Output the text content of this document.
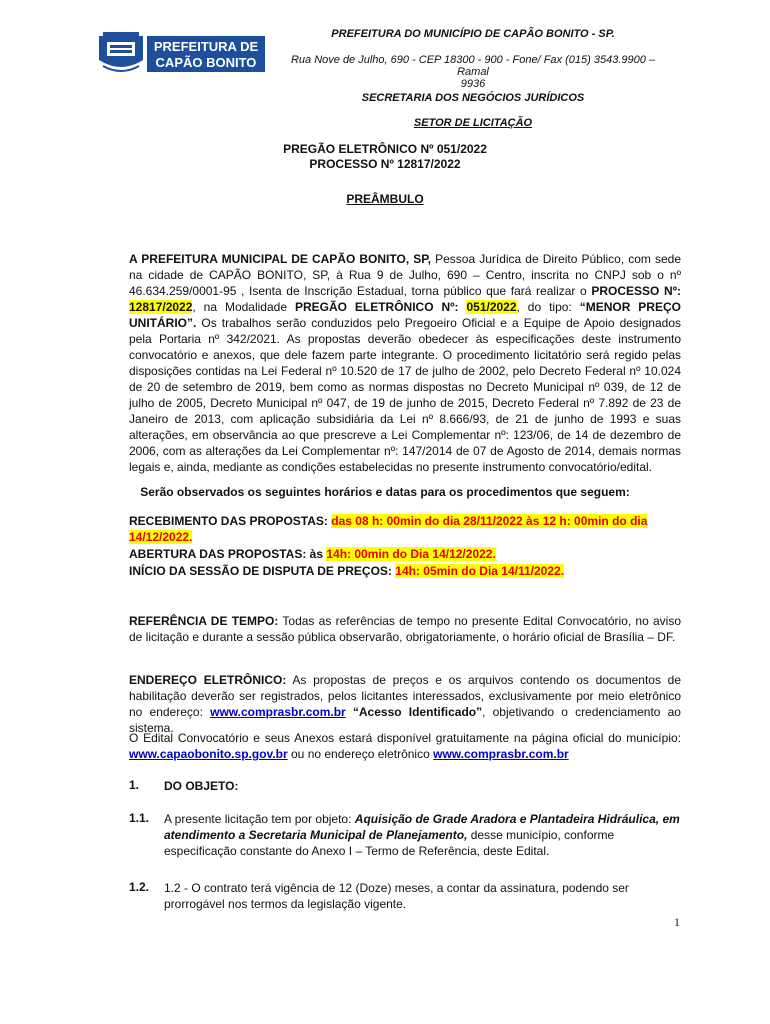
PREFEITURA DE
CAPÃO BONITO
PREFEITURA DO MUNICÍPIO DE CAPÃO BONITO - SP.
Rua Nove de Julho, 690 - CEP 18300 - 900 - Fone/ Fax (015) 3543.9900 – Ramal
9936
SECRETARIA DOS NEGÓCIOS JURÍDICOS
SETOR DE LICITAÇÃO
PREGÃO ELETRÔNICO Nº 051/2022
PROCESSO Nº 12817/2022
PREÂMBULO
A PREFEITURA MUNICIPAL DE CAPÃO BONITO, SP, Pessoa Jurídica de Direito Público, com sede na cidade de CAPÃO BONITO, SP, à Rua 9 de Julho, 690 – Centro, inscrita no CNPJ sob o nº 46.634.259/0001-95 , Isenta de Inscrição Estadual, torna público que fará realizar o PROCESSO Nº: 12817/2022, na Modalidade PREGÃO ELETRÔNICO Nº: 051/2022, do tipo: “MENOR PREÇO UNITÁRIO”. Os trabalhos serão conduzidos pelo Pregoeiro Oficial e a Equipe de Apoio designados pela Portaria nº 342/2021. As propostas deverão obedecer às especificações deste instrumento convocatório e anexos, que dele fazem parte integrante. O procedimento licitatório será regido pelas disposições contidas na Lei Federal nº 10.520 de 17 de julho de 2002, pelo Decreto Federal nº 10.024 de 20 de setembro de 2019, bem como as normas dispostas no Decreto Municipal nº 039, de 12 de julho de 2005, Decreto Municipal nº 047, de 19 de junho de 2015, Decreto Federal nº 7.892 de 23 de Janeiro de 2013, com aplicação subsidiária da Lei nº 8.666/93, de 21 de junho de 1993 e suas alterações, em observância ao que prescreve a Lei Complementar nº: 123/06, de 14 de dezembro de 2006, com as alterações da Lei Complementar nº: 147/2014 de 07 de Agosto de 2014, demais normas legais e, ainda, mediante as condições estabelecidas no presente instrumento convocatório/edital.
Serão observados os seguintes horários e datas para os procedimentos que seguem:
RECEBIMENTO DAS PROPOSTAS: das 08 h: 00min do dia 28/11/2022 às 12 h: 00min do dia
14/12/2022.
ABERTURA DAS PROPOSTAS: às 14h: 00min do Dia 14/12/2022.
INÍCIO DA SESSÃO DE DISPUTA DE PREÇOS: 14h: 05min do Dia 14/11/2022.
REFERÊNCIA DE TEMPO: Todas as referências de tempo no presente Edital Convocatório, no aviso de licitação e durante a sessão pública observarão, obrigatoriamente, o horário oficial de Brasília – DF.
ENDEREÇO ELETRÔNICO: As propostas de preços e os arquivos contendo os documentos de habilitação deverão ser registrados, pelos licitantes interessados, exclusivamente por meio eletrônico no endereço: www.comprasbr.com.br “Acesso Identificado”, objetivando o credenciamento ao sistema.
O Edital Convocatório e seus Anexos estará disponível gratuitamente na página oficial do município: www.capaobonito.sp.gov.br ou no endereço eletrônico www.comprasbr.com.br
1. DO OBJETO:
1.1. A presente licitação tem por objeto: Aquisição de Grade Aradora e Plantadeira Hidráulica, em atendimento a Secretaria Municipal de Planejamento, desse município, conforme especificação constante do Anexo I – Termo de Referência, deste Edital.
1.2. 1.2 - O contrato terá vigência de 12 (Doze) meses, a contar da assinatura, podendo ser prorrogável nos termos da legislação vigente.
1
